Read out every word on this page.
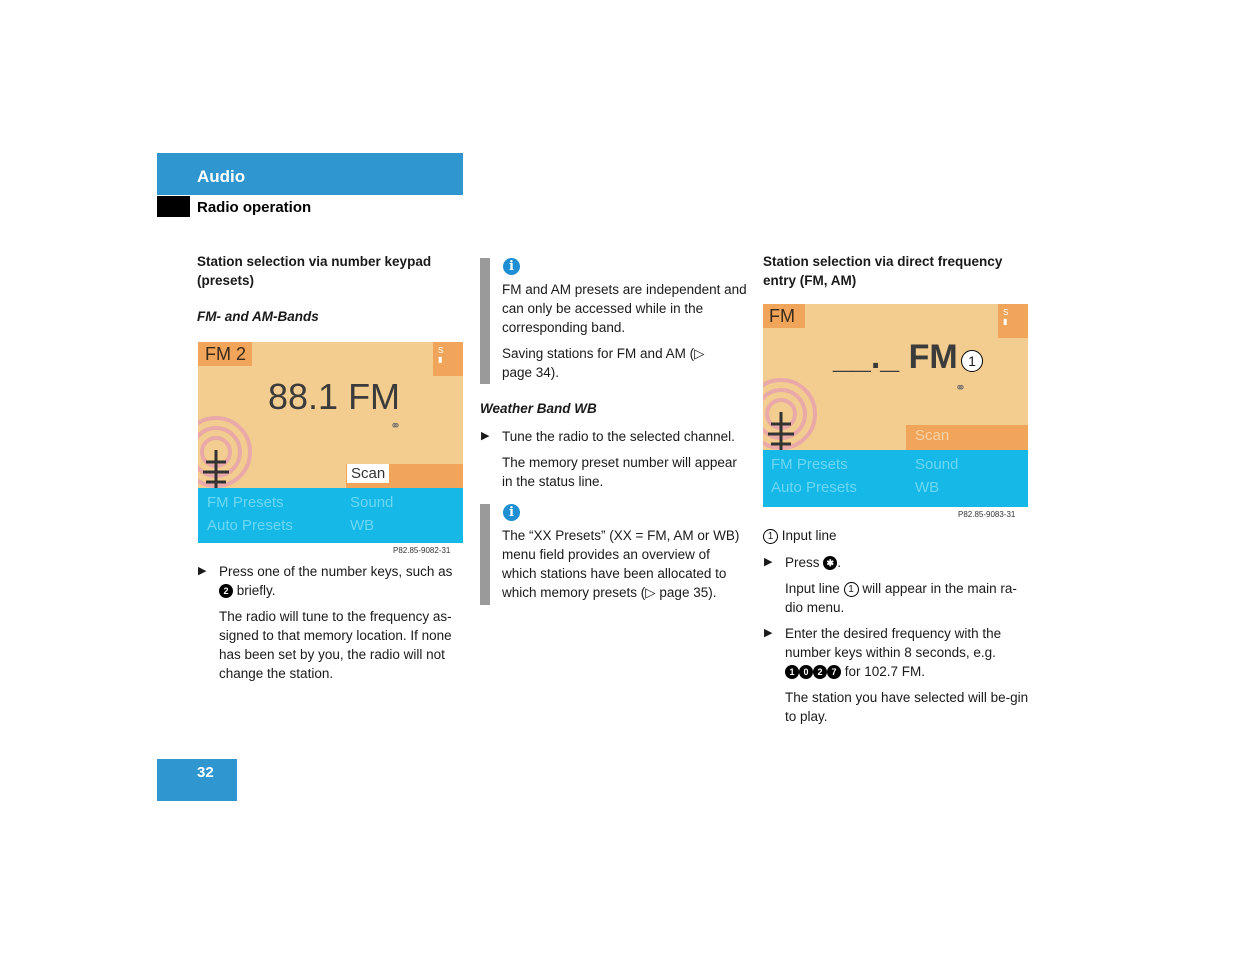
Audio
Radio operation
Station selection via number keypad (presets)
FM- and AM-Bands
FM 2	S
▮
88.1 FM
⚭
Scan
FM Presets	Sound
Auto Presets	WB
P82.85-9082-31
▶ Press one of the number keys, such as
2 briefly.
The radio will tune to the frequency as-signed to that memory location. If none has been set by you, the radio will not change the station.
i
FM and AM presets are independent and can only be accessed while in the corresponding band.
Saving stations for FM and AM (▷ page 34).
Weather Band WB
▶ Tune the radio to the selected channel.
The memory preset number will appear in the status line.
i
The “XX Presets” (XX = FM, AM or WB) menu field provides an overview of which stations have been allocated to which memory presets (▷ page 35).
Station selection via direct frequency entry (FM, AM)
FM	S
▮
__._ FM 1
⚭
Scan
FM Presets	Sound
Auto Presets	WB
P82.85-9083-31
1 Input line
▶ Press ✱ .
Input line 1 will appear in the main ra-dio menu.
▶ Enter the desired frequency with the number keys within 8 seconds, e.g.
1 0 2 7 for 102.7 FM.
The station you have selected will be-gin to play.
32
